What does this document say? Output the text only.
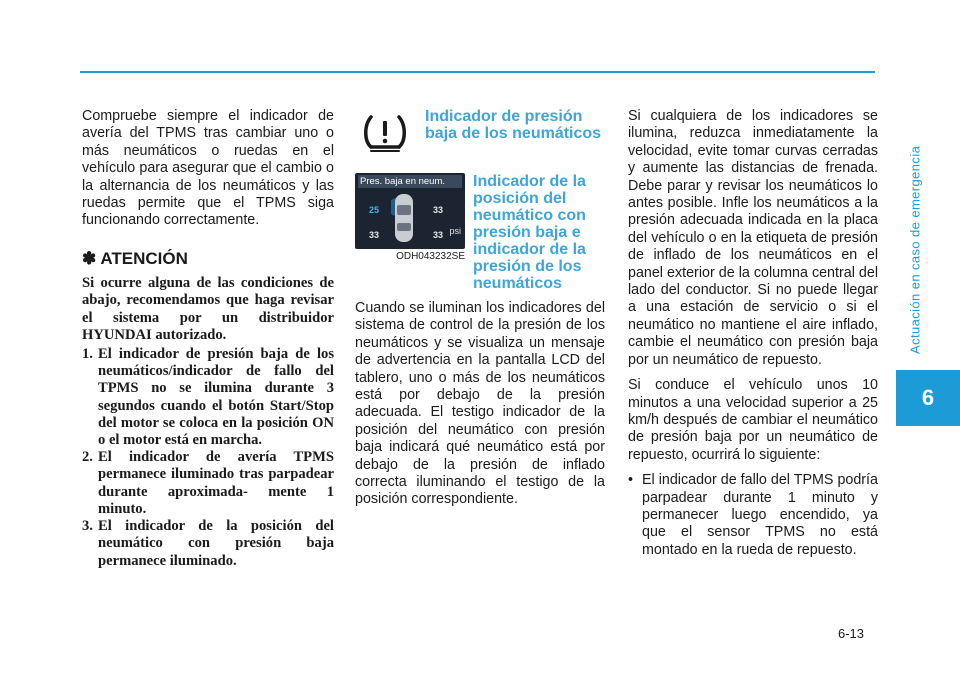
Actuación en caso de emergencia
6

Compruebe siempre el indicador de avería del TPMS tras cambiar uno o más neumáticos o ruedas en el vehículo para asegurar que el cambio o la alternancia de los neumáticos y las ruedas permite que el TPMS siga funcionando correctamente.

✽ ATENCIÓN

Si ocurre alguna de las condiciones de abajo, recomendamos que haga revisar el sistema por un distribuidor HYUNDAI autorizado.

1. El indicador de presión baja de los neumáticos/indicador de fallo del TPMS no se ilumina durante 3 segundos cuando el botón Start/Stop del motor se coloca en la posición ON o el motor está en marcha.
2. El indicador de avería TPMS permanece iluminado tras parpadear durante aproximada- mente 1 minuto.
3. El indicador de la posición del neumático con presión baja permanece iluminado.
Indicador de presión baja de los neumáticos
Pres. baja en neum.
25	33
33	33 psi
ODH043232SE
Indicador de la posición del neumático con presión baja e indicador de la presión de los neumáticos

Cuando se iluminan los indicadores del sistema de control de la presión de los neumáticos y se visualiza un mensaje de advertencia en la pantalla LCD del tablero, uno o más de los neumáticos está por debajo de la presión adecuada. El testigo indicador de la posición del neumático con presión baja indicará qué neumático está por debajo de la presión de inflado correcta iluminando el testigo de la posición correspondiente.

Si cualquiera de los indicadores se ilumina, reduzca inmediatamente la velocidad, evite tomar curvas cerradas y aumente las distancias de frenada. Debe parar y revisar los neumáticos lo antes posible. Infle los neumáticos a la presión adecuada indicada en la placa del vehículo o en la etiqueta de presión de inflado de los neumáticos en el panel exterior de la columna central del lado del conductor. Si no puede llegar a una estación de servicio o si el neumático no mantiene el aire inflado, cambie el neumático con presión baja por un neumático de repuesto.

Si conduce el vehículo unos 10 minutos a una velocidad superior a 25 km/h después de cambiar el neumático de presión baja por un neumático de repuesto, ocurrirá lo siguiente:

• El indicador de fallo del TPMS podría parpadear durante 1 minuto y permanecer luego encendido, ya que el sensor TPMS no está montado en la rueda de repuesto.
6-13
